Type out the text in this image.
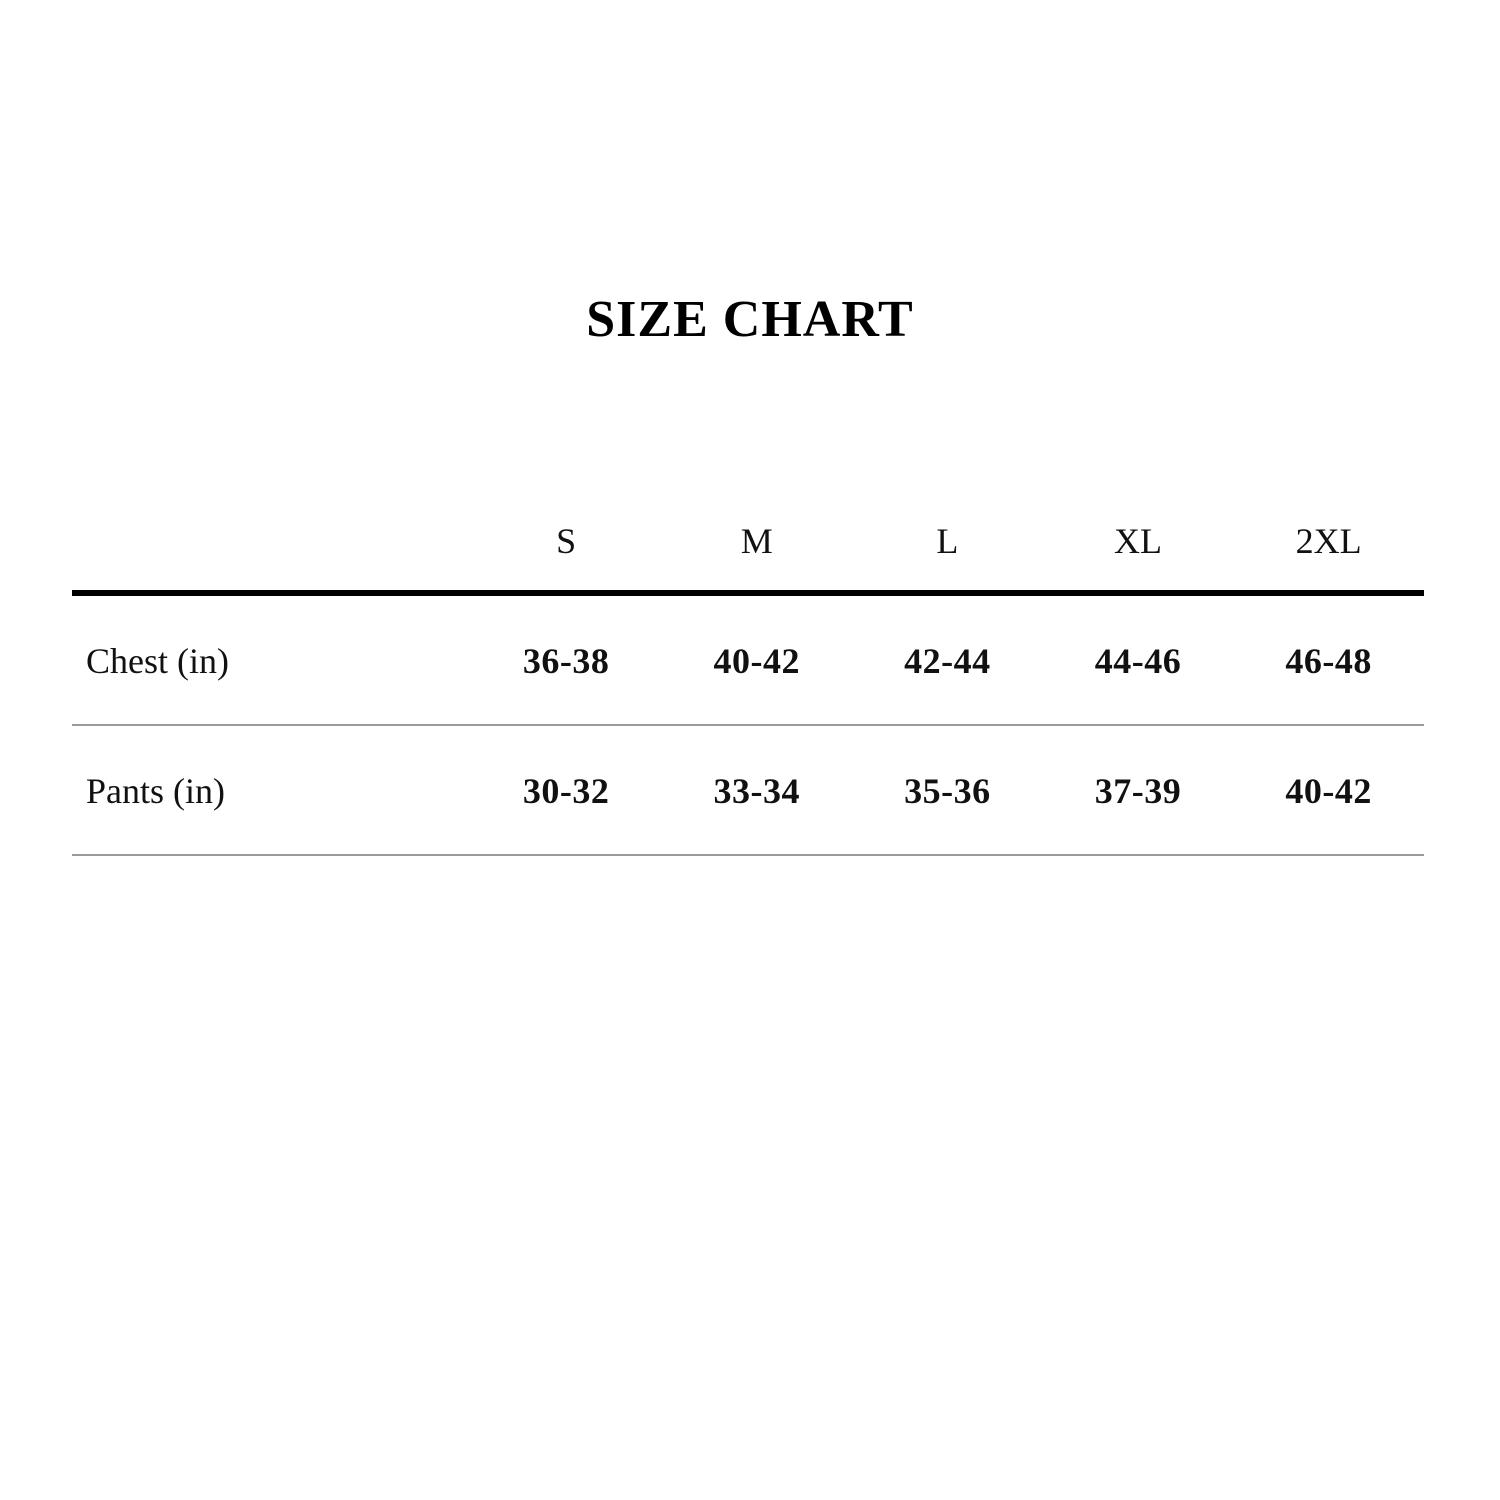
SIZE CHART
	S	M	L	XL	2XL
Chest (in)	36-38	40-42	42-44	44-46	46-48
Pants (in)	30-32	33-34	35-36	37-39	40-42
